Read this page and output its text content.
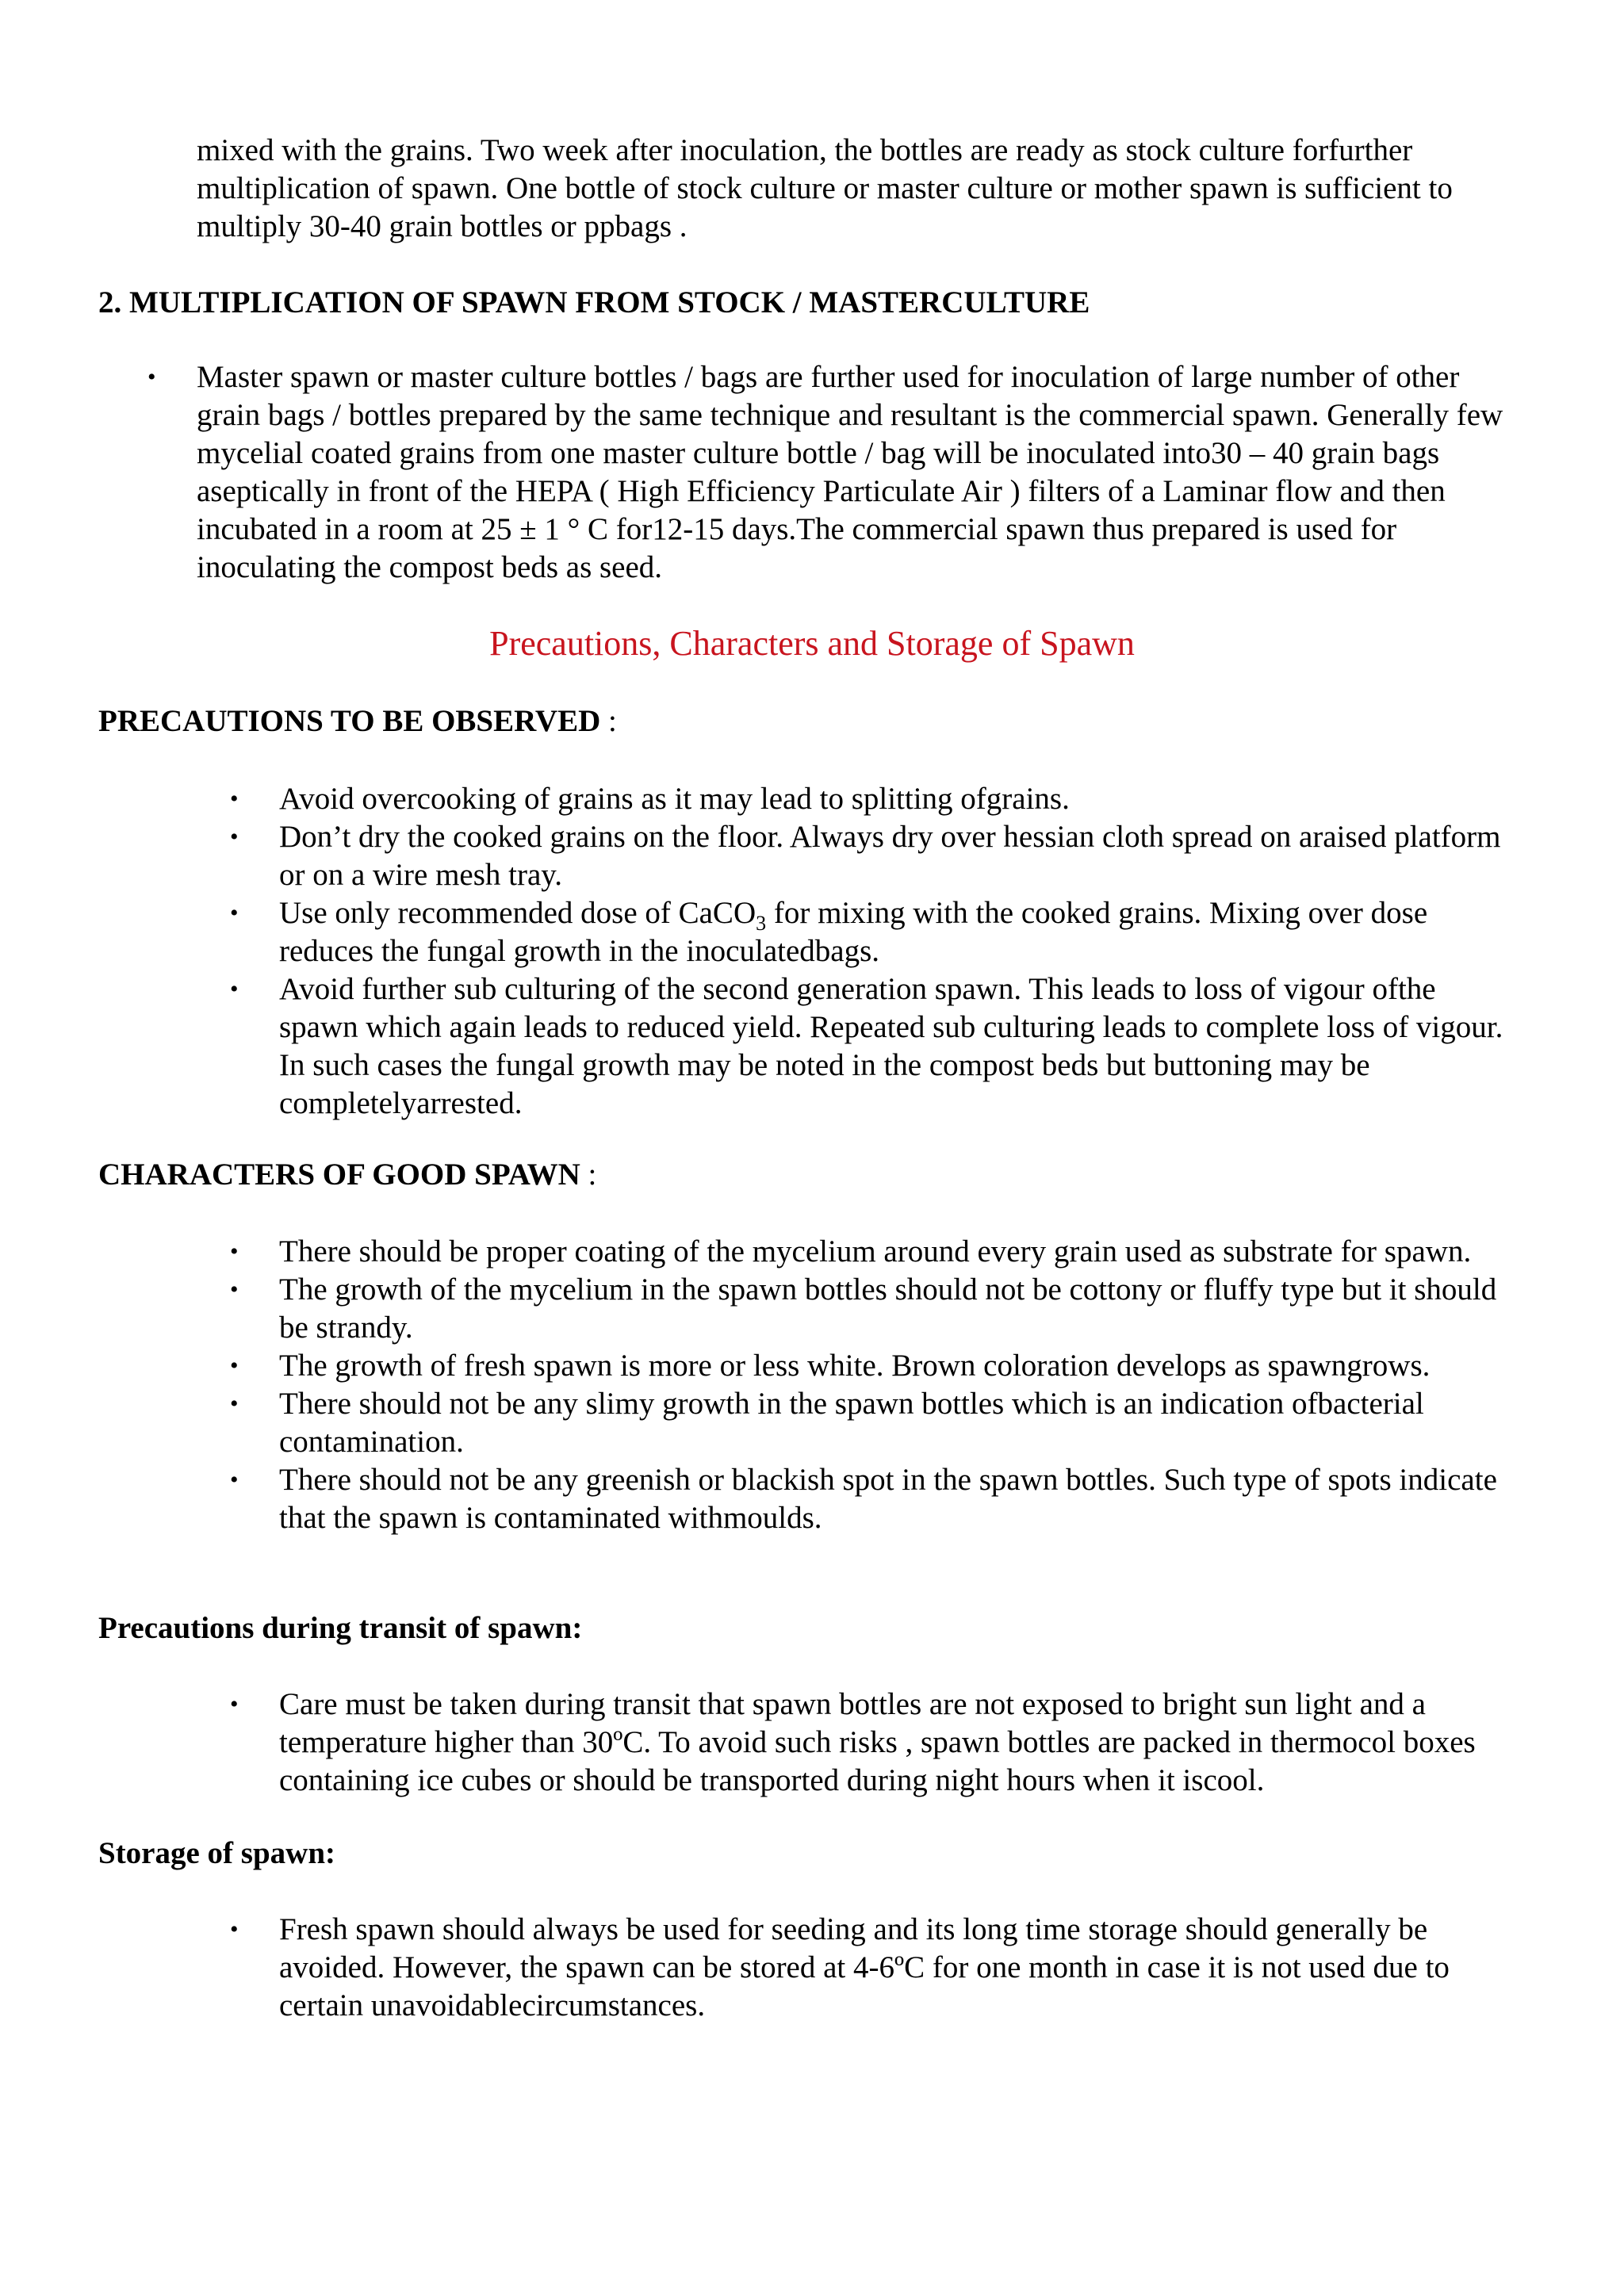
mixed with the grains. Two week after inoculation, the bottles are ready as stock culture forfurther multiplication of spawn. One bottle of stock culture or master culture or mother spawn is sufficient to multiply 30-40 grain bottles or ppbags .

2. MULTIPLICATION OF SPAWN FROM STOCK / MASTERCULTURE

• Master spawn or master culture bottles / bags are further used for inoculation of large number of other grain bags / bottles prepared by the same technique and resultant is the commercial spawn. Generally few mycelial coated grains from one master culture bottle / bag will be inoculated into30 – 40 grain bags aseptically in front of the HEPA ( High Efficiency Particulate Air ) filters of a Laminar flow and then incubated in a room at 25 ± 1 ° C for12-15 days.The commercial spawn thus prepared is used for inoculating the compost beds as seed.

Precautions, Characters and Storage of Spawn

PRECAUTIONS TO BE OBSERVED :

• Avoid overcooking of grains as it may lead to splitting ofgrains.
• Don’t dry the cooked grains on the floor. Always dry over hessian cloth spread on araised platform or on a wire mesh tray.
• Use only recommended dose of CaCO$_3$ for mixing with the cooked grains. Mixing over dose reduces the fungal growth in the inoculatedbags.
• Avoid further sub culturing of the second generation spawn. This leads to loss of vigour ofthe spawn which again leads to reduced yield. Repeated sub culturing leads to complete loss of vigour. In such cases the fungal growth may be noted in the compost beds but buttoning may be completelyarrested.

CHARACTERS OF GOOD SPAWN :

• There should be proper coating of the mycelium around every grain used as substrate for spawn.
• The growth of the mycelium in the spawn bottles should not be cottony or fluffy type but it should be strandy.
• The growth of fresh spawn is more or less white. Brown coloration develops as spawngrows.
• There should not be any slimy growth in the spawn bottles which is an indication ofbacterial contamination.
• There should not be any greenish or blackish spot in the spawn bottles. Such type of spots indicate that the spawn is contaminated withmoulds.

Precautions during transit of spawn:

• Care must be taken during transit that spawn bottles are not exposed to bright sun light and a temperature higher than 30ºC. To avoid such risks , spawn bottles are packed in thermocol boxes containing ice cubes or should be transported during night hours when it iscool.

Storage of spawn:

• Fresh spawn should always be used for seeding and its long time storage should generally be avoided. However, the spawn can be stored at 4-6ºC for one month in case it is not used due to certain unavoidablecircumstances.
